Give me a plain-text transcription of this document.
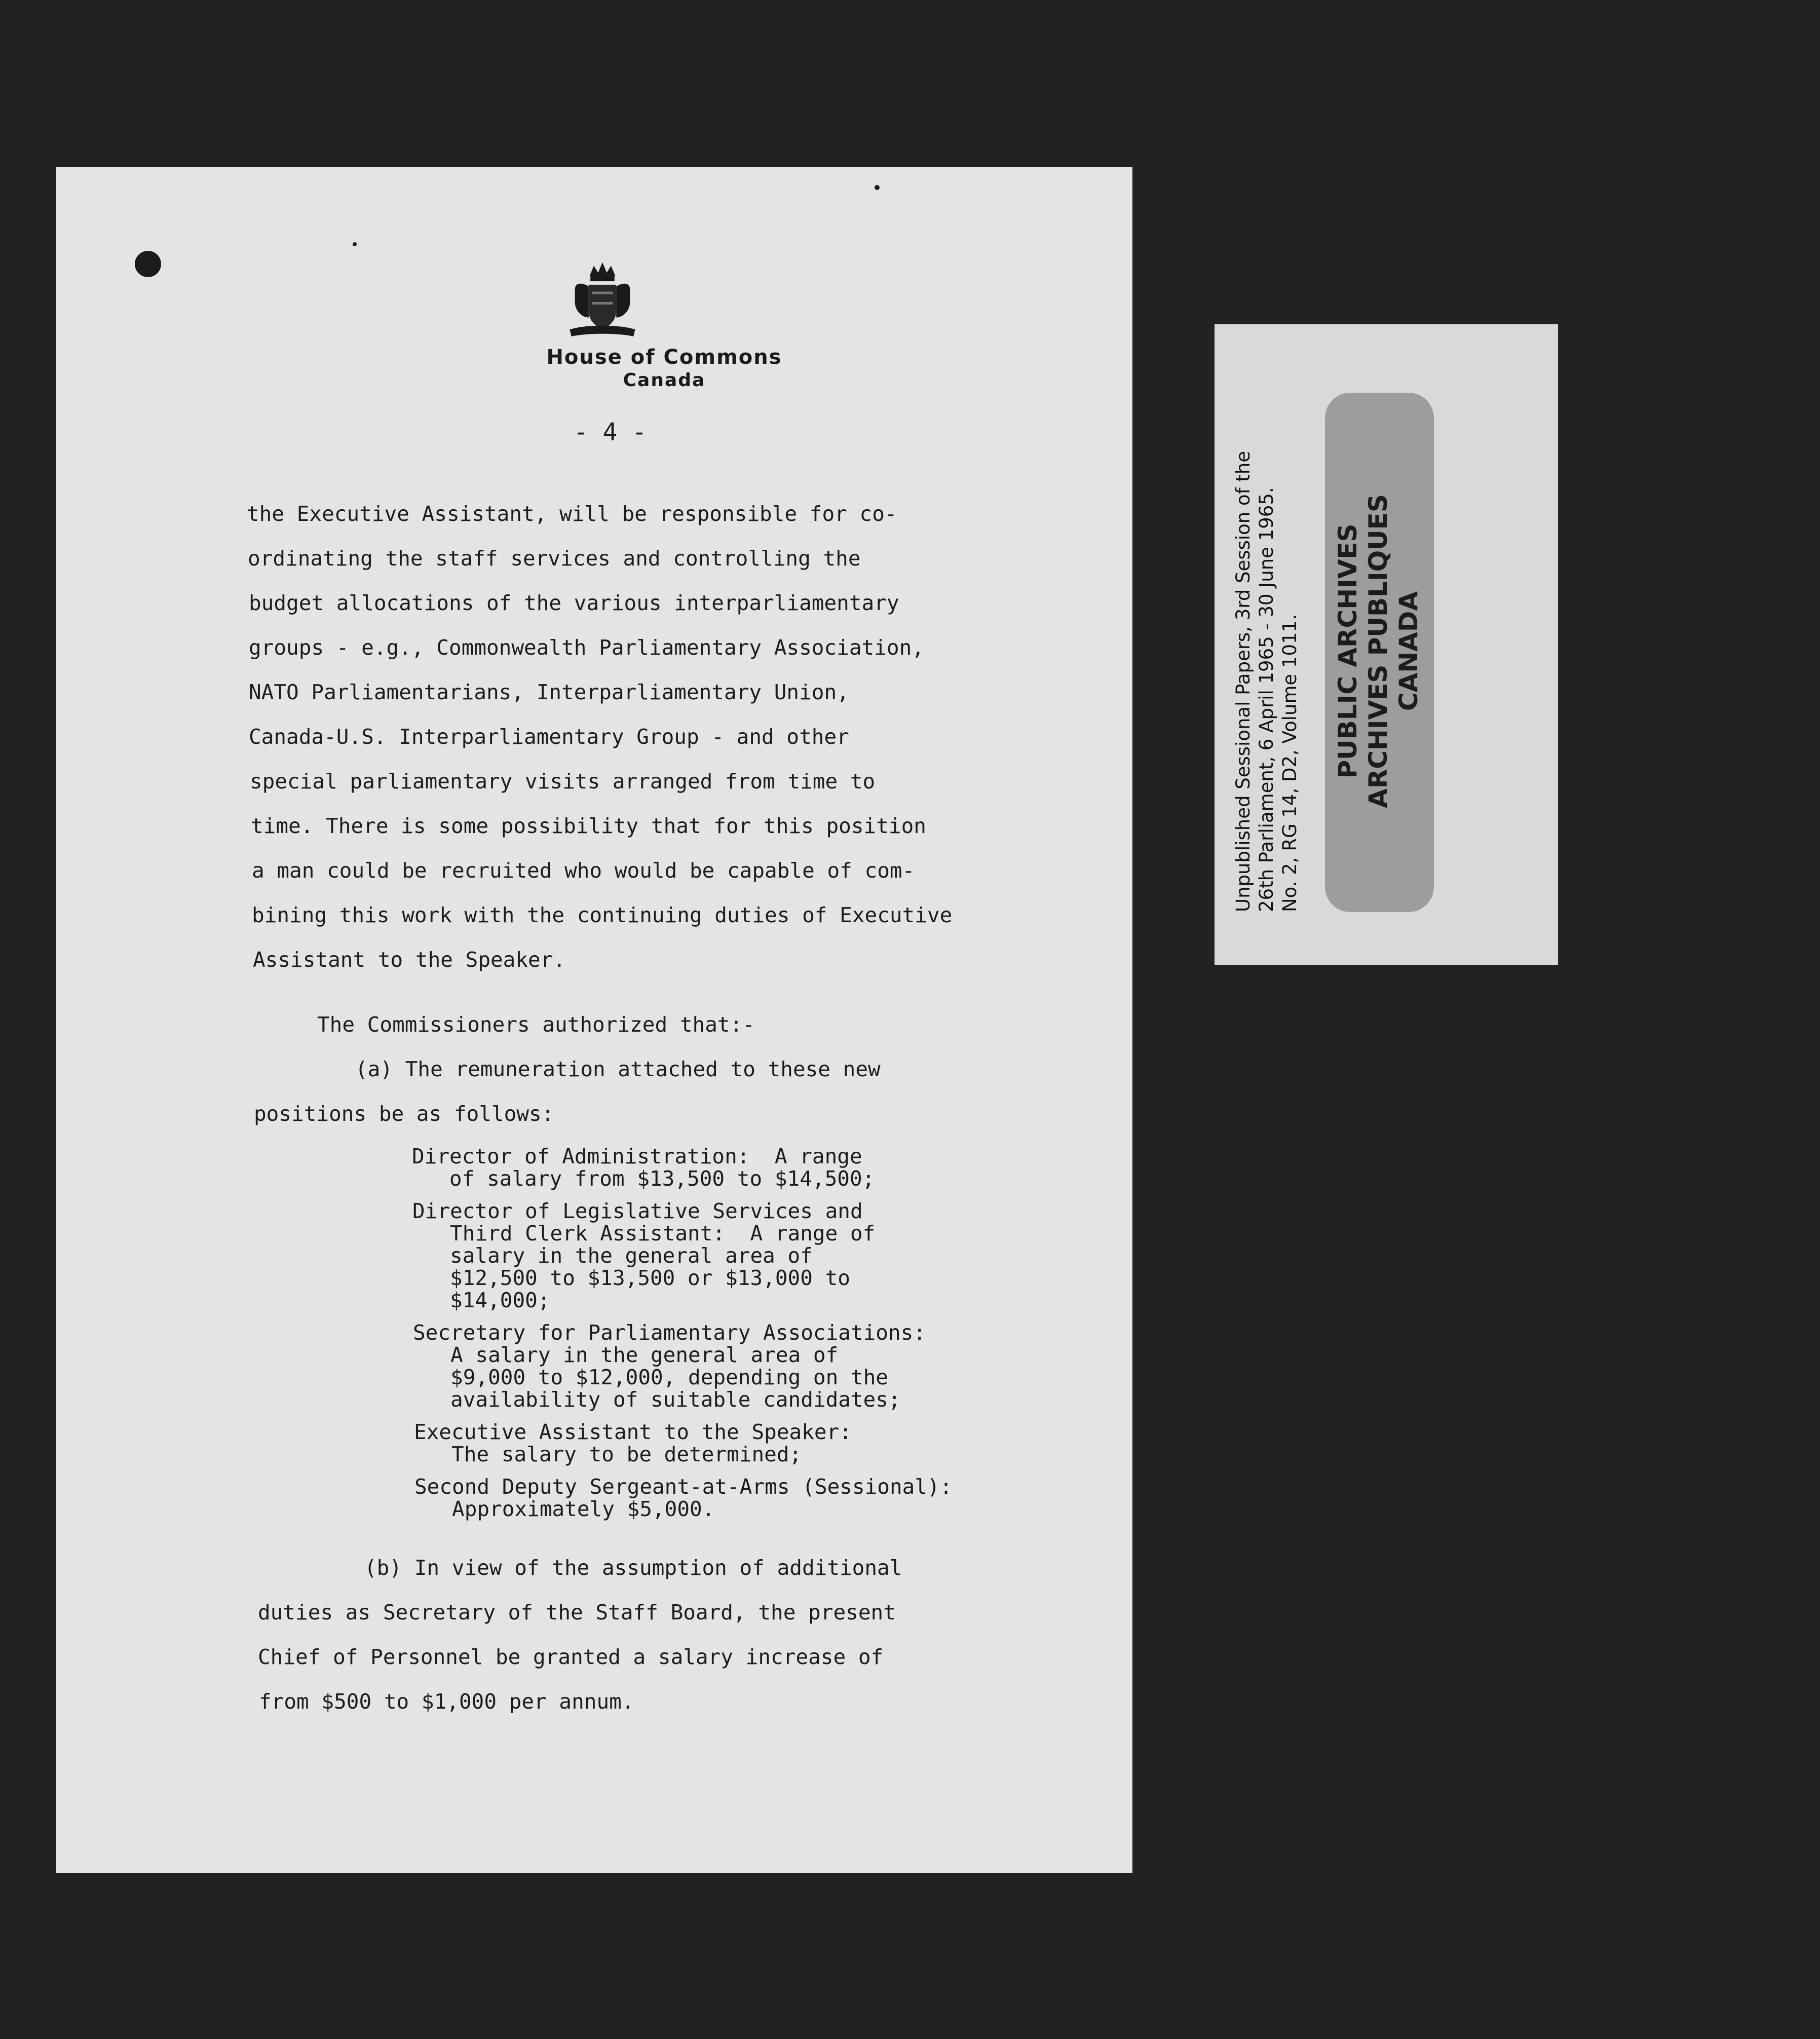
House of Commons
Canada
- 4 -
the Executive Assistant, will be responsible for co-
ordinating the staff services and controlling the
budget allocations of the various interparliamentary
groups - e.g., Commonwealth Parliamentary Association,
NATO Parliamentarians, Interparliamentary Union,
Canada-U.S. Interparliamentary Group - and other
special parliamentary visits arranged from time to
time. There is some possibility that for this position
a man could be recruited who would be capable of com-
bining this work with the continuing duties of Executive
Assistant to the Speaker.
The Commissioners authorized that:-
(a) The remuneration attached to these new
positions be as follows:
Director of Administration:  A range
of salary from $13,500 to $14,500;
Director of Legislative Services and
Third Clerk Assistant:  A range of
salary in the general area of
$12,500 to $13,500 or $13,000 to
$14,000;
Secretary for Parliamentary Associations:
A salary in the general area of
$9,000 to $12,000, depending on the
availability of suitable candidates;
Executive Assistant to the Speaker:
The salary to be determined;
Second Deputy Sergeant-at-Arms (Sessional):
Approximately $5,000.
(b) In view of the assumption of additional
duties as Secretary of the Staff Board, the present
Chief of Personnel be granted a salary increase of
from $500 to $1,000 per annum.
Unpublished Sessional Papers, 3rd Session of the 26th Parliament, 6 April 1965 - 30 June 1965. No. 2, RG 14, D2, Volume 1011. PUBLIC ARCHIVES ARCHIVES PUBLIQUES CANADA
